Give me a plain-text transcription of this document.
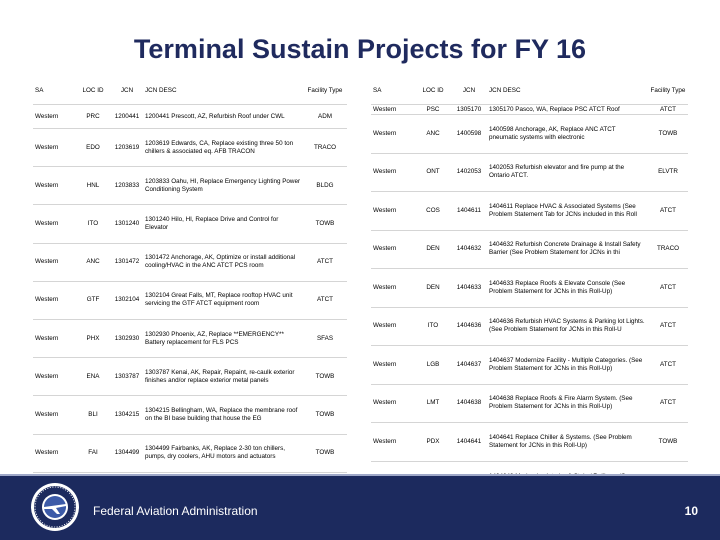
Terminal Sustain Projects for FY 16
SA	LOC ID	JCN	JCN DESC	Facility Type
Western	PRC	1200441	1200441 Prescott, AZ, Refurbish Roof under CWL	ADM
Western	EDO	1203619	1203619 Edwards, CA, Replace existing three 50 ton chillers & associated eq. AFB TRACON	TRACO
Western	HNL	1203833	1203833 Oahu, HI, Replace Emergency Lighting Power Conditioning System	BLDG
Western	ITO	1301240	1301240 Hilo, HI, Replace Drive and Control for Elevator	TOWB
Western	ANC	1301472	1301472 Anchorage, AK, Optimize or install additional cooling/HVAC in the ANC ATCT PCS room	ATCT
Western	GTF	1302104	1302104 Great Falls, MT, Replace rooftop HVAC unit servicing the GTF ATCT equipment room	ATCT
Western	PHX	1302930	1302930 Phoenix, AZ, Replace **EMERGENCY** Battery replacement for FLS PCS	SFAS
Western	ENA	1303787	1303787 Kenai, AK, Repair, Repaint, re-caulk exterior finishes and/or replace exterior metal panels	TOWB
Western	BLI	1304215	1304215 Bellingham, WA, Replace the membrane roof on the BI base building that house the EG	TOWB
Western	FAI	1304499	1304499 Fairbanks, AK, Replace 2-30 ton chillers, pumps, dry coolers, AHU motors and actuators	TOWB

SA	LOC ID	JCN	JCN DESC	Facility Type
Western	PSC	1305170	1305170 Pasco, WA, Replace PSC ATCT Roof	ATCT
Western	ANC	1400598	1400598 Anchorage, AK, Replace ANC ATCT pneumatic systems with electronic	TOWB
Western	ONT	1402053	1402053 Refurbish elevator and fire pump at the Ontario ATCT.	ELVTR
Western	COS	1404611	1404611 Replace HVAC & Associated Systems (See Problem Statement Tab for JCNs included in this Roll	ATCT
Western	DEN	1404632	1404632 Refurbish Concrete Drainage & Install Safety Barrier (See Problem Statement for JCNs in thi	TRACO
Western	DEN	1404633	1404633 Replace Roofs & Elevate Console (See Problem Statement for JCNs in this Roll-Up)	ATCT
Western	ITO	1404636	1404636 Refurbish HVAC Systems & Parking lot Lights. (See Problem Statement for JCNs in this Roll-U	ATCT
Western	LGB	1404637	1404637 Modernize Facility - Multiple Categories. (See Problem Statement for JCNs in this Roll-Up)	ATCT
Western	LMT	1404638	1404638 Replace Roofs & Fire Alarm System. (See Problem Statement for JCNs in this Roll-Up)	ATCT
Western	PDX	1404641	1404641 Replace Chiller & Systems. (See Problem Statement for JCNs in this Roll-Up)	TOWB

Federal Aviation Administration	10
